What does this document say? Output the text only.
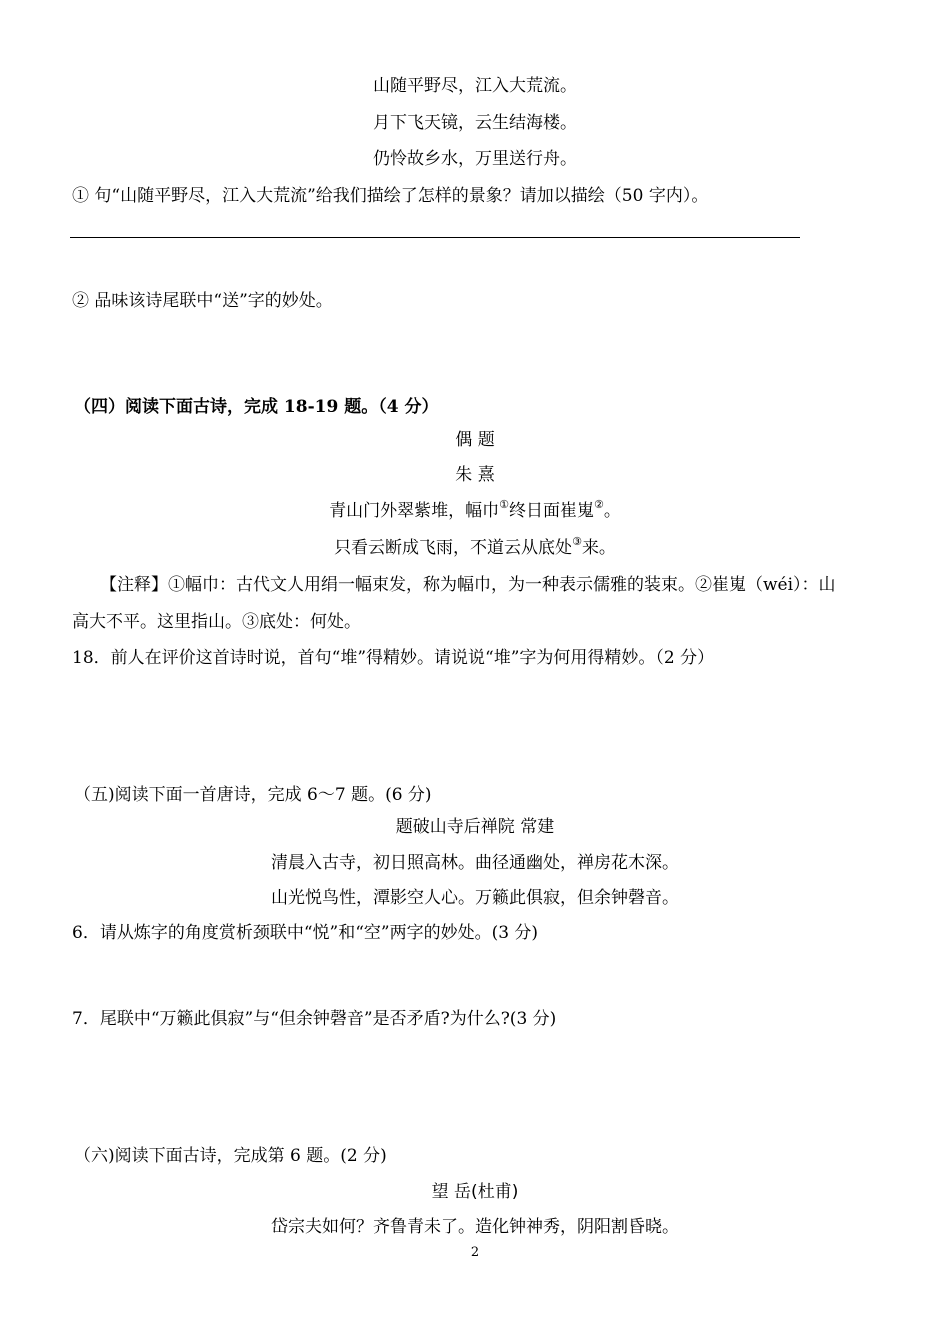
山随平野尽，江入大荒流。
月下飞天镜，云生结海楼。
仍怜故乡水，万里送行舟。
① 句“山随平野尽，江入大荒流”给我们描绘了怎样的景象？请加以描绘（50 字内）。
② 品味该诗尾联中“送”字的妙处。
（四）阅读下面古诗，完成 18-19 题。（4 分）
偶 题
朱 熹
青山门外翠紫堆，幅巾①终日面崔嵬②。
只看云断成飞雨，不道云从底处③来。
【注释】①幅巾：古代文人用绢一幅束发，称为幅巾，为一种表示儒雅的装束。②崔嵬（wéi）：山
高大不平。这里指山。③底处：何处。
18．前人在评价这首诗时说，首句“堆”得精妙。请说说“堆”字为何用得精妙。（2 分）
（五)阅读下面一首唐诗，完成 6～7 题。(6 分)
题破山寺后禅院 常建
清晨入古寺，初日照高林。曲径通幽处，禅房花木深。
山光悦鸟性，潭影空人心。万籁此俱寂，但余钟磬音。
6．请从炼字的角度赏析颈联中“悦”和“空”两字的妙处。(3 分)
7．尾联中“万籁此俱寂”与“但余钟磬音”是否矛盾?为什么?(3 分)
（六)阅读下面古诗，完成第 6 题。(2 分)
望 岳(杜甫)
岱宗夫如何？齐鲁青未了。造化钟神秀，阴阳割昏晓。
2
